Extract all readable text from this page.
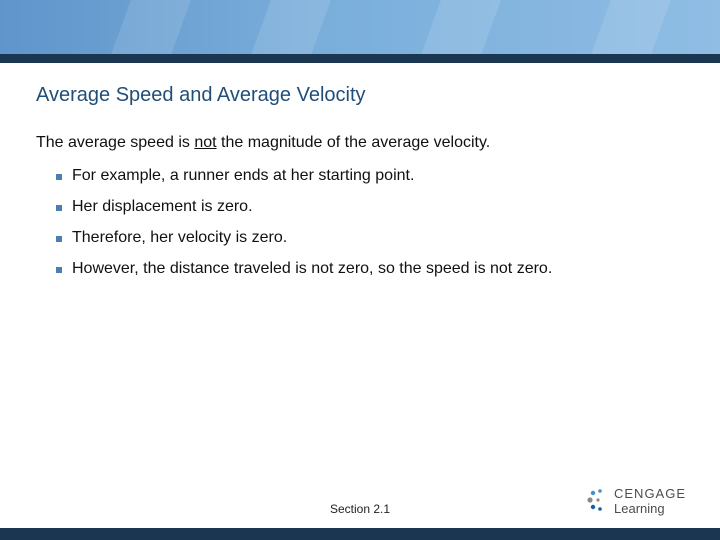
Average Speed and Average Velocity
The average speed is not the magnitude of the average velocity.
For example, a runner ends at her starting point.
Her displacement is zero.
Therefore, her velocity is zero.
However, the distance traveled is not zero, so the speed is not zero.
Section 2.1
CENGAGE
Learning
